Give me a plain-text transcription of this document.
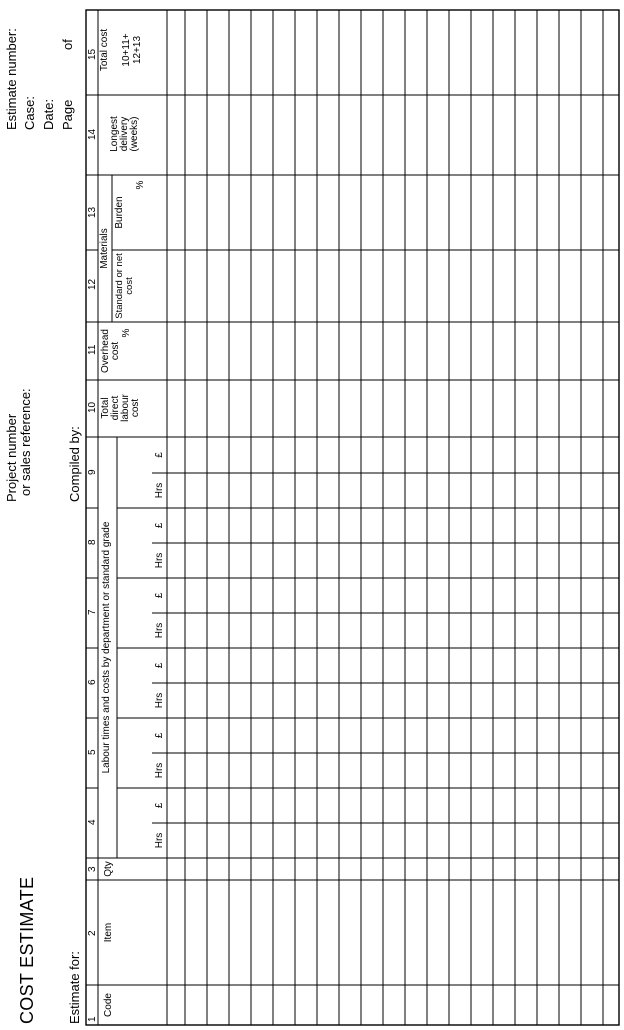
COST ESTIMATE Estimate for:
Project number or sales reference:	Compiled by:
Estimate number: Case: Date: Page
of
1
2
3
4
5
6
7
8
9
10
11
12
13
14
15
Code
Item
Qty
Labour times and costs by department or standard grade
Hrs
£
Hrs
£
Hrs
£
Hrs
£
Hrs
£
Hrs
£
Total direct labour cost
Overhead cost
%
Materials
Standard or net cost
Burden
%
Longest delivery (weeks)
Total cost 10+11+ 12+13
